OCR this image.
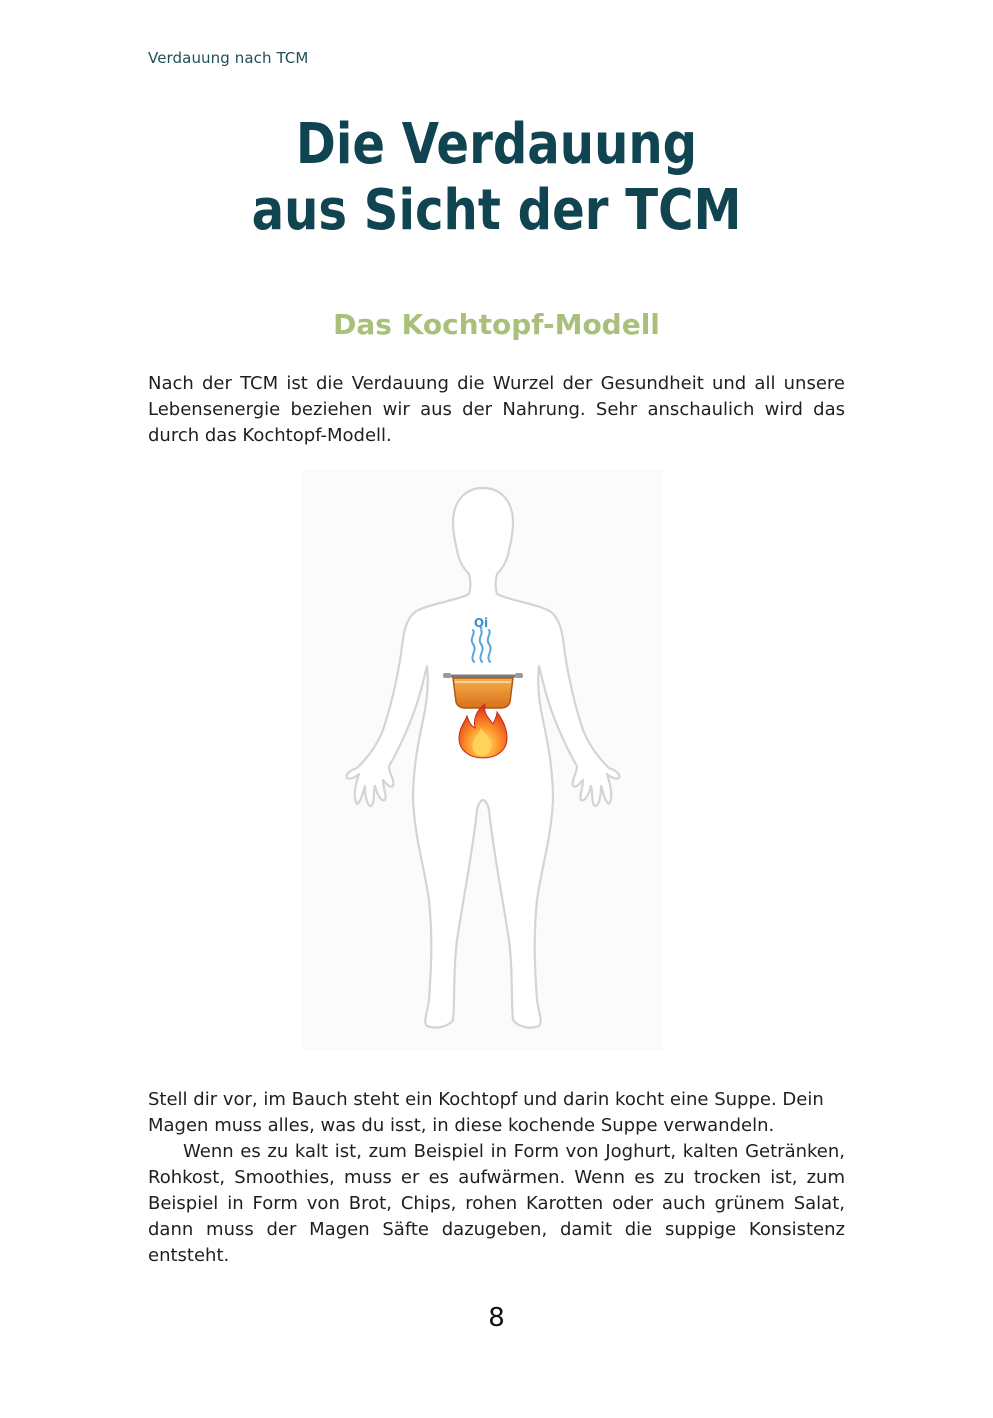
Verdauung nach TCM
Die Verdauung
aus Sicht der TCM
Das Kochtopf-Modell

Nach der TCM ist die Verdauung die Wurzel der Gesundheit und all unsere Lebensenergie beziehen wir aus der Nahrung. Sehr anschaulich wird das durch das Kochtopf-Modell.

Qi

Stell dir vor, im Bauch steht ein Kochtopf und darin kocht eine Suppe. Dein Magen muss alles, was du isst, in diese kochende Suppe verwandeln.

Wenn es zu kalt ist, zum Beispiel in Form von Joghurt, kalten Getränken, Rohkost, Smoothies, muss er es aufwärmen. Wenn es zu trocken ist, zum Beispiel in Form von Brot, Chips, rohen Karotten oder auch grünem Salat, dann muss der Magen Säfte dazugeben, damit die suppige Konsistenz entsteht.

8
